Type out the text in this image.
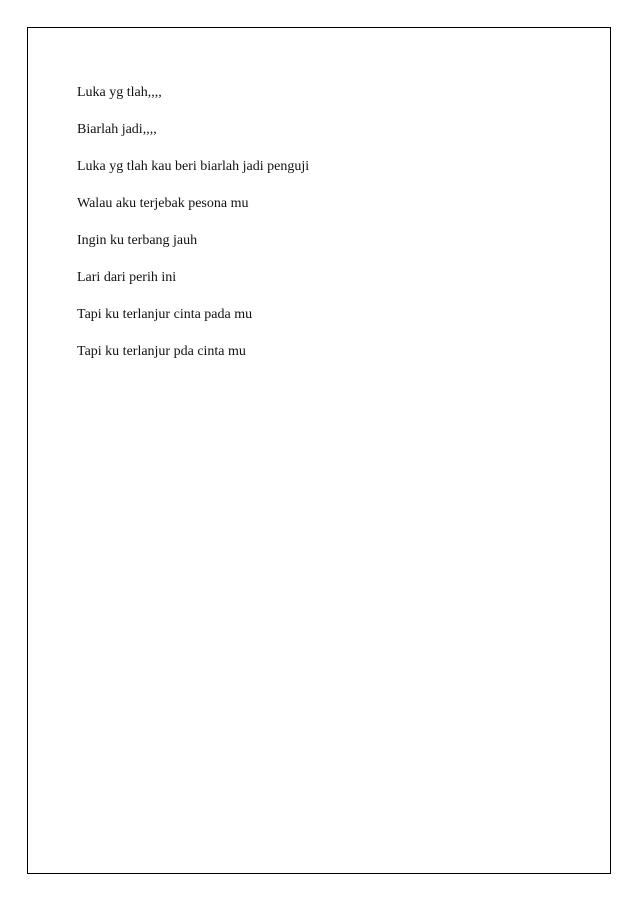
Luka yg tlah,,,,

Biarlah jadi,,,,

Luka yg tlah kau beri biarlah jadi penguji

Walau aku terjebak pesona mu

Ingin ku terbang jauh

Lari dari perih ini

Tapi ku terlanjur cinta pada mu

Tapi ku terlanjur pda cinta mu
